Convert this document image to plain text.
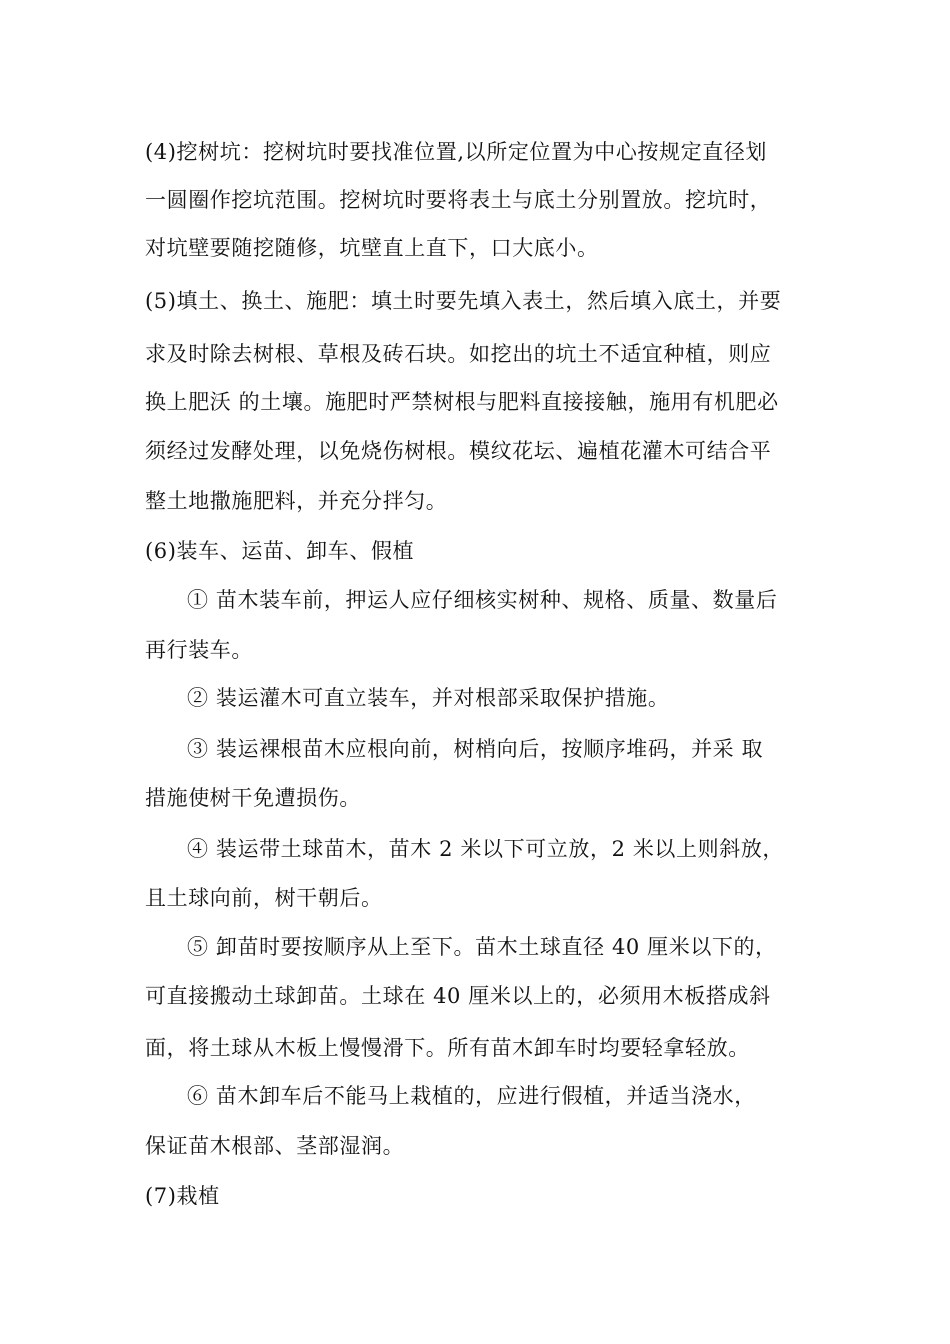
(4)挖树坑：挖树坑时要找准位置,以所定位置为中心按规定直径划
一圆圈作挖坑范围。挖树坑时要将表土与底土分别置放。挖坑时，
对坑壁要随挖随修，坑壁直上直下，口大底小。
(5)填土、换土、施肥：填土时要先填入表土，然后填入底土，并要
求及时除去树根、草根及砖石块。如挖出的坑土不适宜种植，则应
换上肥沃 的土壤。施肥时严禁树根与肥料直接接触，施用有机肥必
须经过发酵处理，以免烧伤树根。模纹花坛、遍植花灌木可结合平
整土地撒施肥料，并充分拌匀。
(6)装车、运苗、卸车、假植
① 苗木装车前，押运人应仔细核实树种、规格、质量、数量后
再行装车。
② 装运灌木可直立装车，并对根部采取保护措施。
③ 装运裸根苗木应根向前，树梢向后，按顺序堆码，并采 取
措施使树干免遭损伤。
④ 装运带土球苗木，苗木 2 米以下可立放，2 米以上则斜放，
且土球向前，树干朝后。
⑤ 卸苗时要按顺序从上至下。苗木土球直径 40 厘米以下的，
可直接搬动土球卸苗。土球在 40 厘米以上的，必须用木板搭成斜
面，将土球从木板上慢慢滑下。所有苗木卸车时均要轻拿轻放。
⑥ 苗木卸车后不能马上栽植的，应进行假植，并适当浇水，
保证苗木根部、茎部湿润。
(7)栽植
